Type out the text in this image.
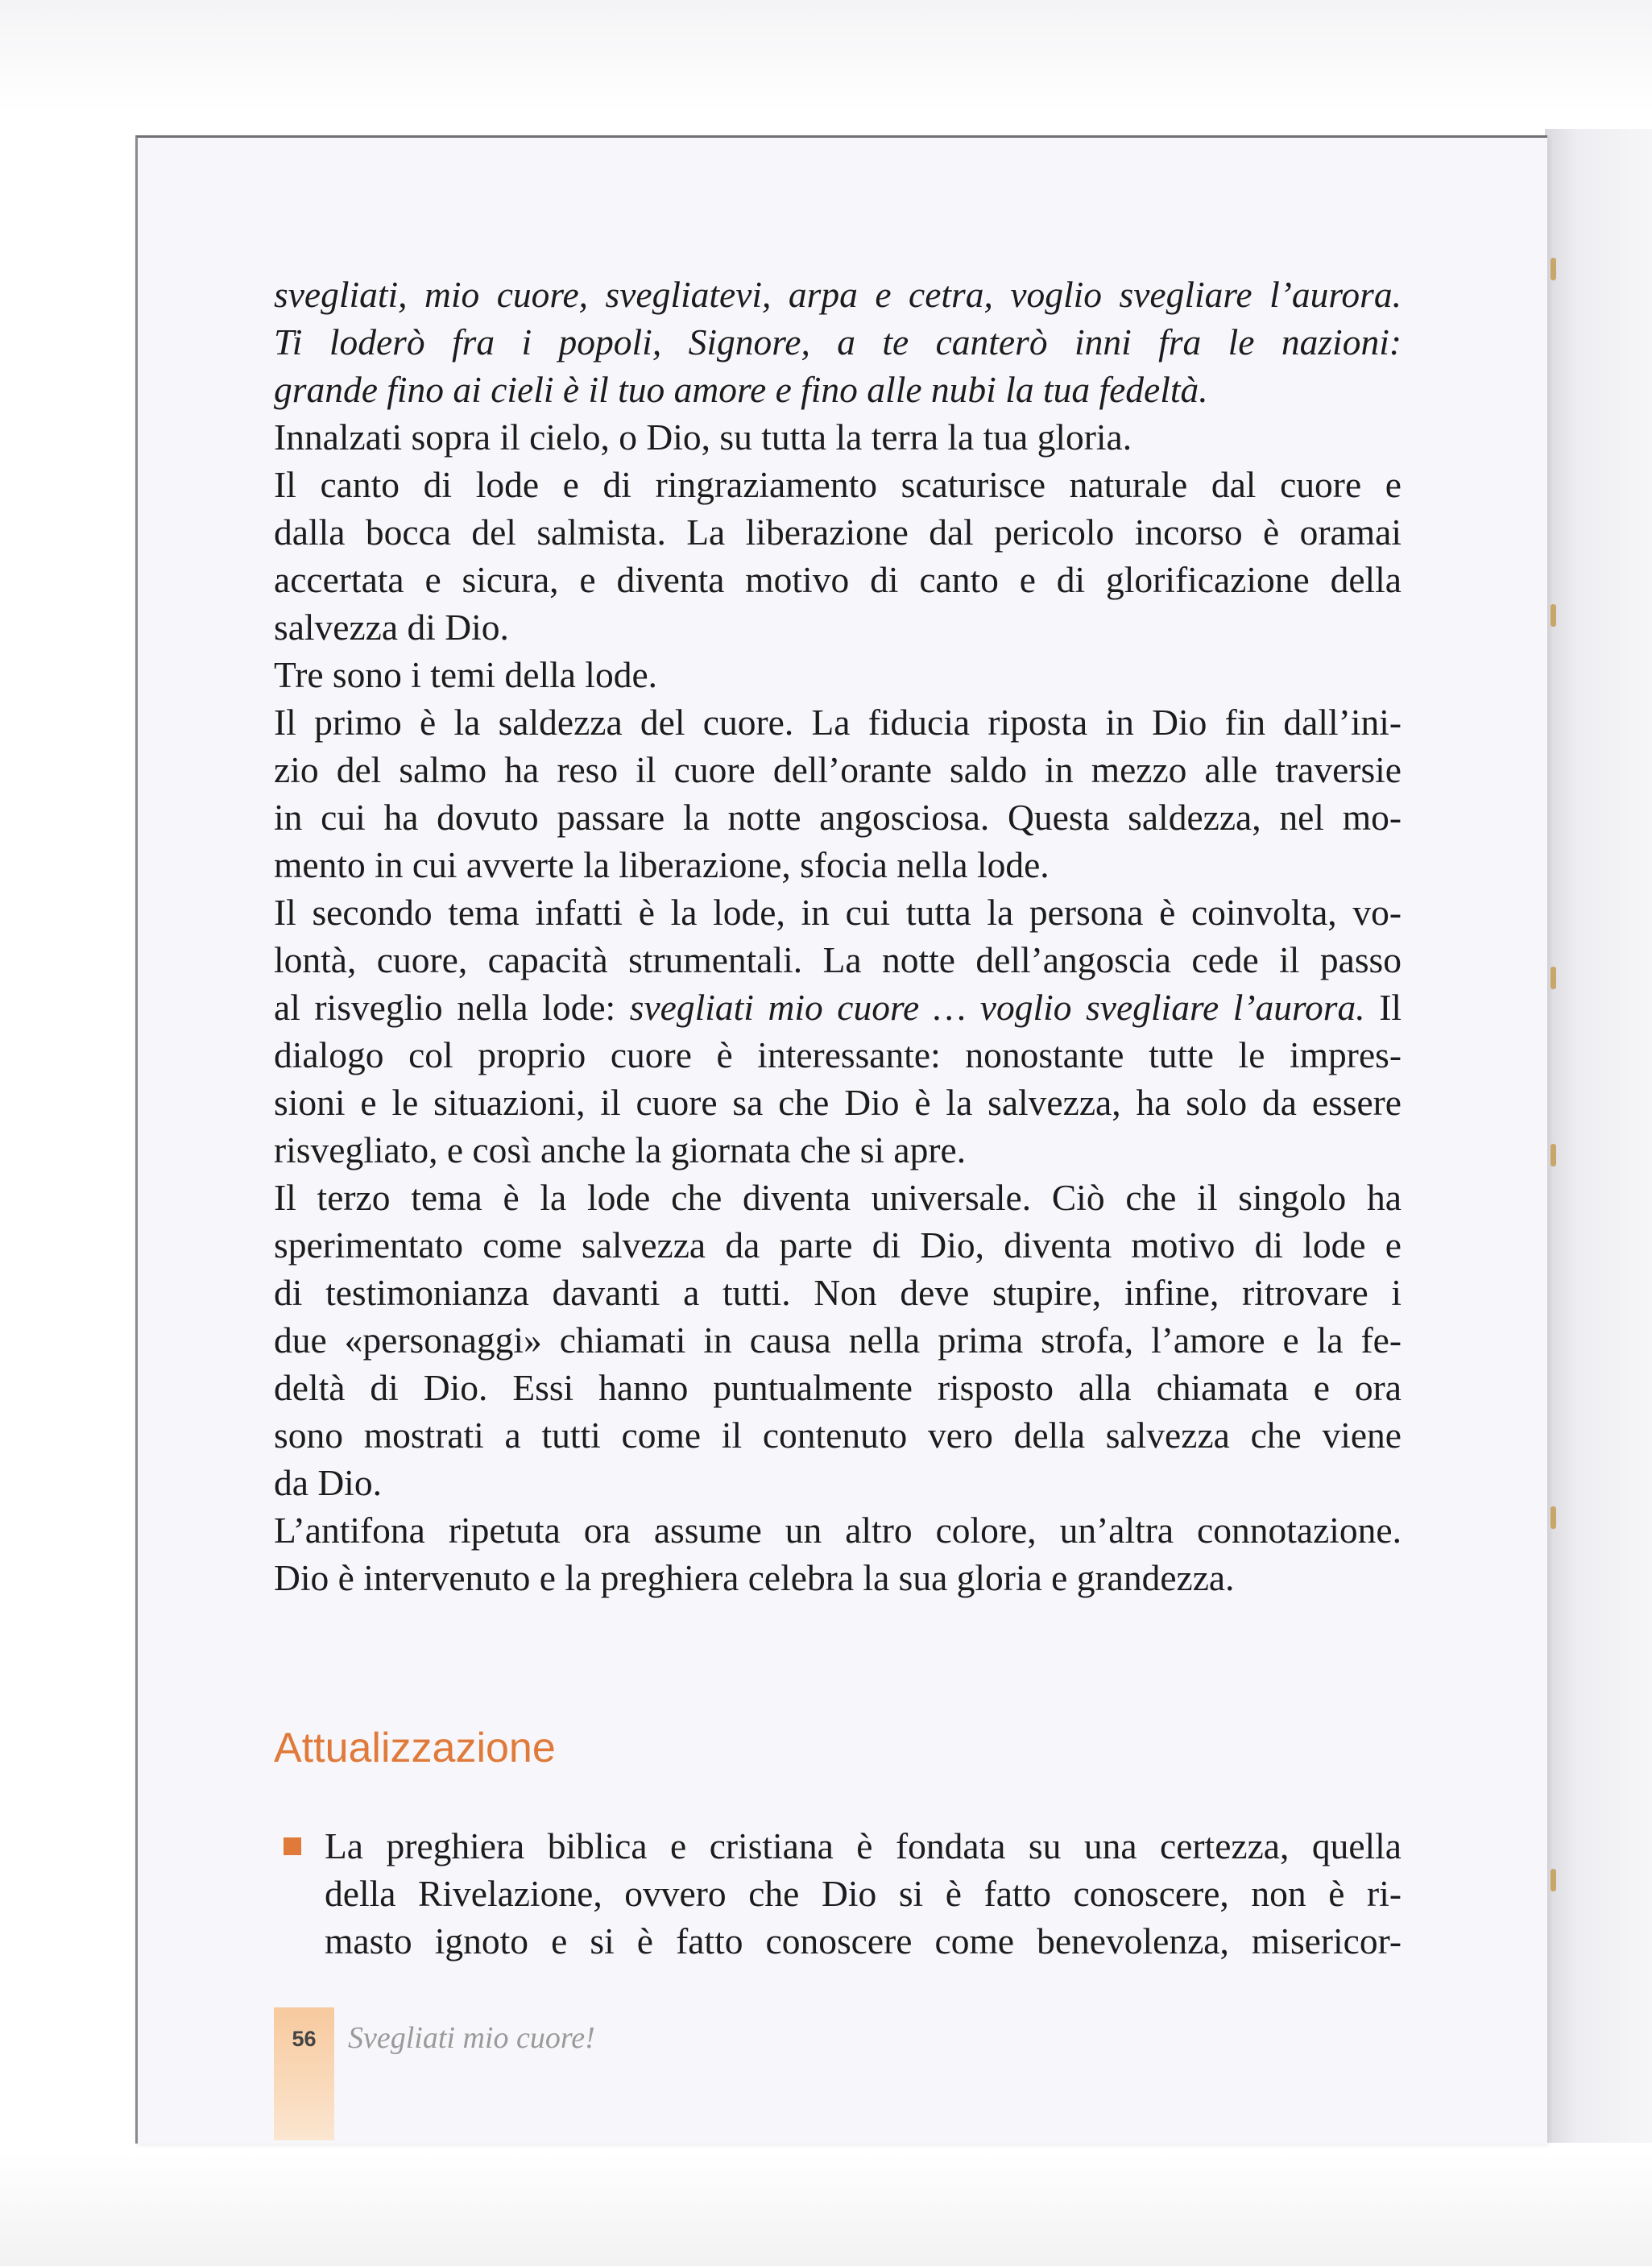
svegliati, mio cuore, svegliatevi, arpa e cetra, voglio svegliare l’aurora.

Ti loderò fra i popoli, Signore, a te canterò inni fra le nazioni:

grande fino ai cieli è il tuo amore e fino alle nubi la tua fedeltà.

Innalzati sopra il cielo, o Dio, su tutta la terra la tua gloria.

Il canto di lode e di ringraziamento scaturisce naturale dal cuore e

dalla bocca del salmista. La liberazione dal pericolo incorso è oramai

accertata e sicura, e diventa motivo di canto e di glorificazione della

salvezza di Dio.

Tre sono i temi della lode.

Il primo è la saldezza del cuore. La fiducia riposta in Dio fin dall’ini-

zio del salmo ha reso il cuore dell’orante saldo in mezzo alle traversie

in cui ha dovuto passare la notte angosciosa. Questa saldezza, nel mo-

mento in cui avverte la liberazione, sfocia nella lode.

Il secondo tema infatti è la lode, in cui tutta la persona è coinvolta, vo-

lontà, cuore, capacità strumentali. La notte dell’angoscia cede il passo

al risveglio nella lode: svegliati mio cuore … voglio svegliare l’aurora. Il

dialogo col proprio cuore è interessante: nonostante tutte le impres-

sioni e le situazioni, il cuore sa che Dio è la salvezza, ha solo da essere

risvegliato, e così anche la giornata che si apre.

Il terzo tema è la lode che diventa universale. Ciò che il singolo ha

sperimentato come salvezza da parte di Dio, diventa motivo di lode e

di testimonianza davanti a tutti. Non deve stupire, infine, ritrovare i

due «personaggi» chiamati in causa nella prima strofa, l’amore e la fe-

deltà di Dio. Essi hanno puntualmente risposto alla chiamata e ora

sono mostrati a tutti come il contenuto vero della salvezza che viene

da Dio.

L’antifona ripetuta ora assume un altro colore, un’altra connotazione.

Dio è intervenuto e la preghiera celebra la sua gloria e grandezza.

Attualizzazione

La preghiera biblica e cristiana è fondata su una certezza, quella

della Rivelazione, ovvero che Dio si è fatto conoscere, non è ri-

masto ignoto e si è fatto conoscere come benevolenza, misericor-

56	Svegliati mio cuore!
